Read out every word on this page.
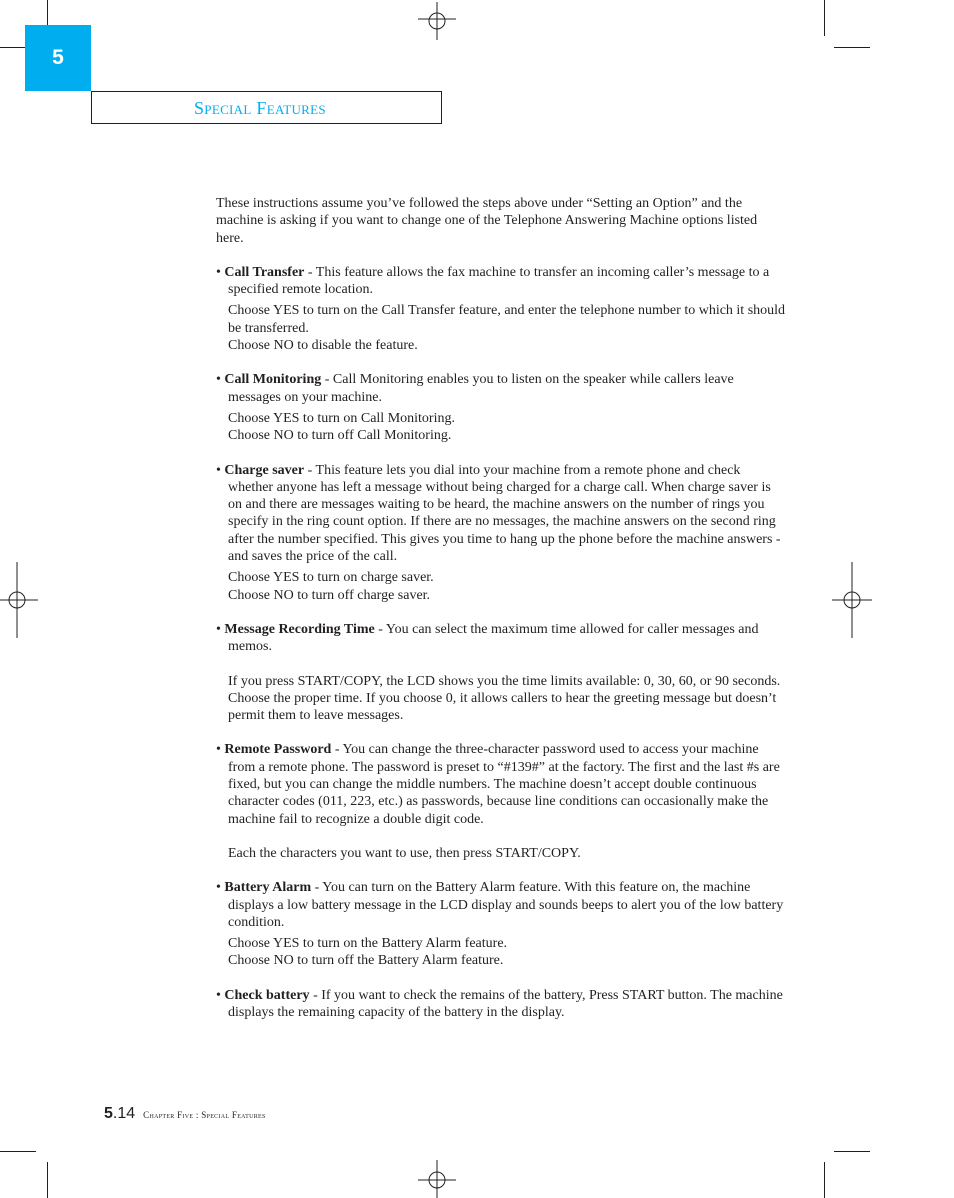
5
Special Features

These instructions assume you’ve followed the steps above under “Setting an Option” and the machine is asking if you want to change one of the Telephone Answering Machine options listed here.

• Call Transfer - This feature allows the fax machine to transfer an incoming caller’s message to a specified remote location.

Choose YES to turn on the Call Transfer feature, and enter the telephone number to which it should be transferred.
Choose NO to disable the feature.

• Call Monitoring - Call Monitoring enables you to listen on the speaker while callers leave messages on your machine.

Choose YES to turn on Call Monitoring.
Choose NO to turn off Call Monitoring.

• Charge saver - This feature lets you dial into your machine from a remote phone and check whether anyone has left a message without being charged for a charge call. When charge saver is on and there are messages waiting to be heard, the machine answers on the number of rings you specify in the ring count option. If there are no messages, the machine answers on the second ring after the number specified. This gives you time to hang up the phone before the machine answers - and saves the price of the call.

Choose YES to turn on charge saver.
Choose NO to turn off charge saver.

• Message Recording Time - You can select the maximum time allowed for caller messages and memos.

If you press START/COPY, the LCD shows you the time limits available: 0, 30, 60, or 90 seconds. Choose the proper time. If you choose 0, it allows callers to hear the greeting message but doesn’t permit them to leave messages.

• Remote Password - You can change the three-character password used to access your machine from a remote phone. The password is preset to “#139#” at the factory. The first and the last #s are fixed, but you can change the middle numbers. The machine doesn’t accept double continuous character codes (011, 223, etc.) as passwords, because line conditions can occasionally make the machine fail to recognize a double digit code.

Each the characters you want to use, then press START/COPY.

• Battery Alarm - You can turn on the Battery Alarm feature. With this feature on, the machine displays a low battery message in the LCD display and sounds beeps to alert you of the low battery condition.

Choose YES to turn on the Battery Alarm feature.
Choose NO to turn off the Battery Alarm feature.

• Check battery - If you want to check the remains of the battery, Press START button. The machine displays the remaining capacity of the battery in the display.

5 .14 Chapter Five : Special Features
